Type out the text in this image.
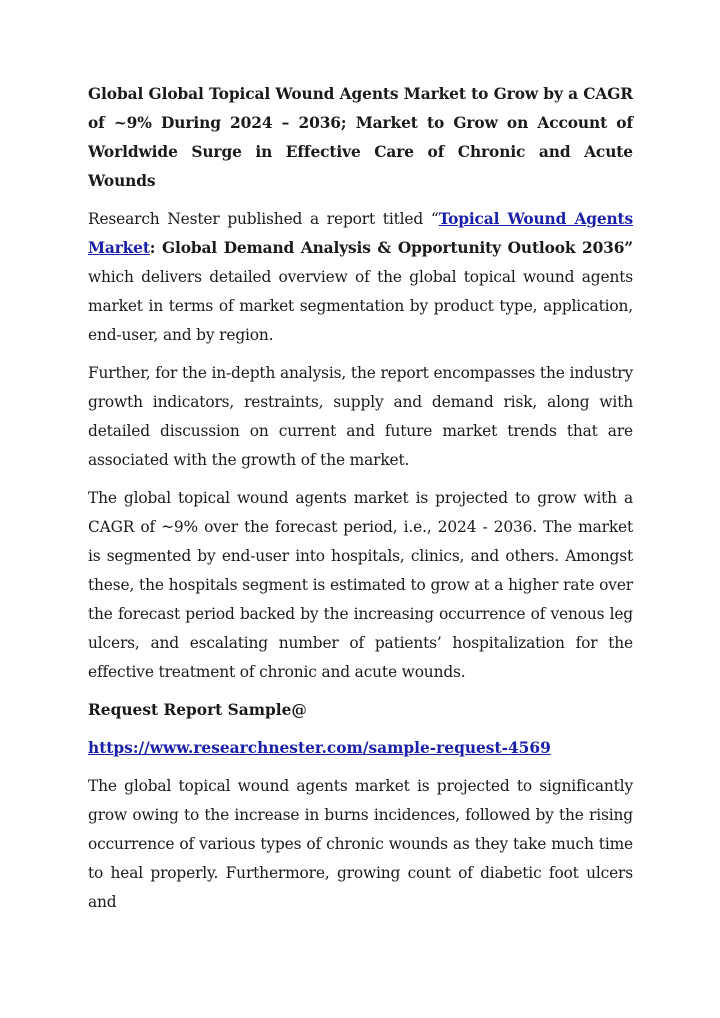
Global Global Topical Wound Agents Market to Grow by a CAGR of ~9% During 2024 – 2036; Market to Grow on Account of Worldwide Surge in Effective Care of Chronic and Acute Wounds

Research Nester published a report titled “Topical Wound Agents Market: Global Demand Analysis & Opportunity Outlook 2036” which delivers detailed overview of the global topical wound agents market in terms of market segmentation by product type, application, end-user, and by region.

Further, for the in-depth analysis, the report encompasses the industry growth indicators, restraints, supply and demand risk, along with detailed discussion on current and future market trends that are associated with the growth of the market.

The global topical wound agents market is projected to grow with a CAGR of ~9% over the forecast period, i.e., 2024 - 2036. The market is segmented by end-user into hospitals, clinics, and others. Amongst these, the hospitals segment is estimated to grow at a higher rate over the forecast period backed by the increasing occurrence of venous leg ulcers, and escalating number of patients’ hospitalization for the effective treatment of chronic and acute wounds.

Request Report Sample@
https://www.researchnester.com/sample-request-4569

The global topical wound agents market is projected to significantly grow owing to the increase in burns incidences, followed by the rising occurrence of various types of chronic wounds as they take much time to heal properly. Furthermore, growing count of diabetic foot ulcers and
